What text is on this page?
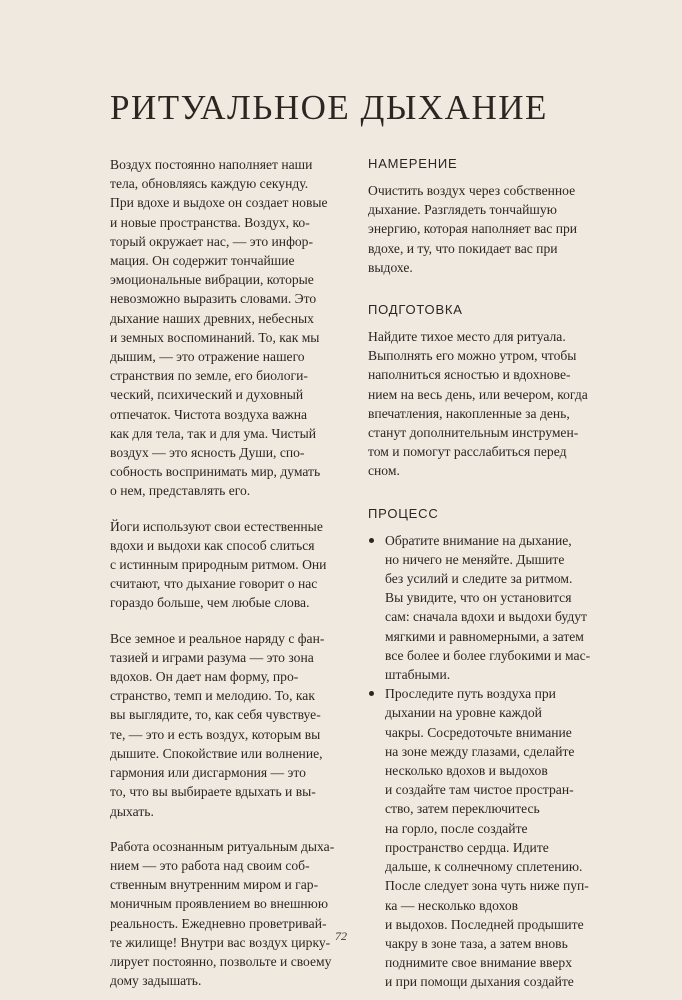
РИТУАЛЬНОЕ ДЫХАНИЕ

Воздух постоянно наполняет наши
тела, обновляясь каждую секунду.
При вдохе и выдохе он создает новые
и новые пространства. Воздух, ко-
торый окружает нас, — это инфор-
мация. Он содержит тончайшие
эмоциональные вибрации, которые
невозможно выразить словами. Это
дыхание наших древних, небесных
и земных воспоминаний. То, как мы
дышим, — это отражение нашего
странствия по земле, его биологи-
ческий, психический и духовный
отпечаток. Чистота воздуха важна
как для тела, так и для ума. Чистый
воздух — это ясность Души, спо-
собность воспринимать мир, думать
о нем, представлять его.

Йоги используют свои естественные
вдохи и выдохи как способ слиться
с истинным природным ритмом. Они
считают, что дыхание говорит о нас
гораздо больше, чем любые слова.

Все земное и реальное наряду с фан-
тазией и играми разума — это зона
вдохов. Он дает нам форму, про-
странство, темп и мелодию. То, как
вы выглядите, то, как себя чувствуе-
те, — это и есть воздух, которым вы
дышите. Спокойствие или волнение,
гармония или дисгармония — это
то, что вы выбираете вдыхать и вы-
дыхать.

Работа осознанным ритуальным дыха-
нием — это работа над своим соб-
ственным внутренним миром и гар-
моничным проявлением во внешнюю
реальность. Ежедневно проветривай-
те жилище! Внутри вас воздух цирку-
лирует постоянно, позвольте и своему
дому задышать.

НАМЕРЕНИЕ

Очистить воздух через собственное
дыхание. Разглядеть тончайшую
энергию, которая наполняет вас при
вдохе, и ту, что покидает вас при
выдохе.

ПОДГОТОВКА

Найдите тихое место для ритуала.
Выполнять его можно утром, чтобы
наполниться ясностью и вдохнове-
нием на весь день, или вечером, когда
впечатления, накопленные за день,
станут дополнительным инструмен-
том и помогут расслабиться перед
сном.

ПРОЦЕСС
Обратите внимание на дыхание,
но ничего не меняйте. Дышите
без усилий и следите за ритмом.
Вы увидите, что он установится
сам: сначала вдохи и выдохи будут
мягкими и равномерными, а затем
все более и более глубокими и мас-
штабными.
Проследите путь воздуха при
дыхании на уровне каждой
чакры. Сосредоточьте внимание
на зоне между глазами, сделайте
несколько вдохов и выдохов
и создайте там чистое простран-
ство, затем переключитесь
на горло, после создайте
пространство сердца. Идите
дальше, к солнечному сплетению.
После следует зона чуть ниже пуп-
ка — несколько вдохов
и выдохов. Последней продышите
чакру в зоне таза, а затем вновь
поднимите свое внимание вверх
и при помощи дыхания создайте
72
